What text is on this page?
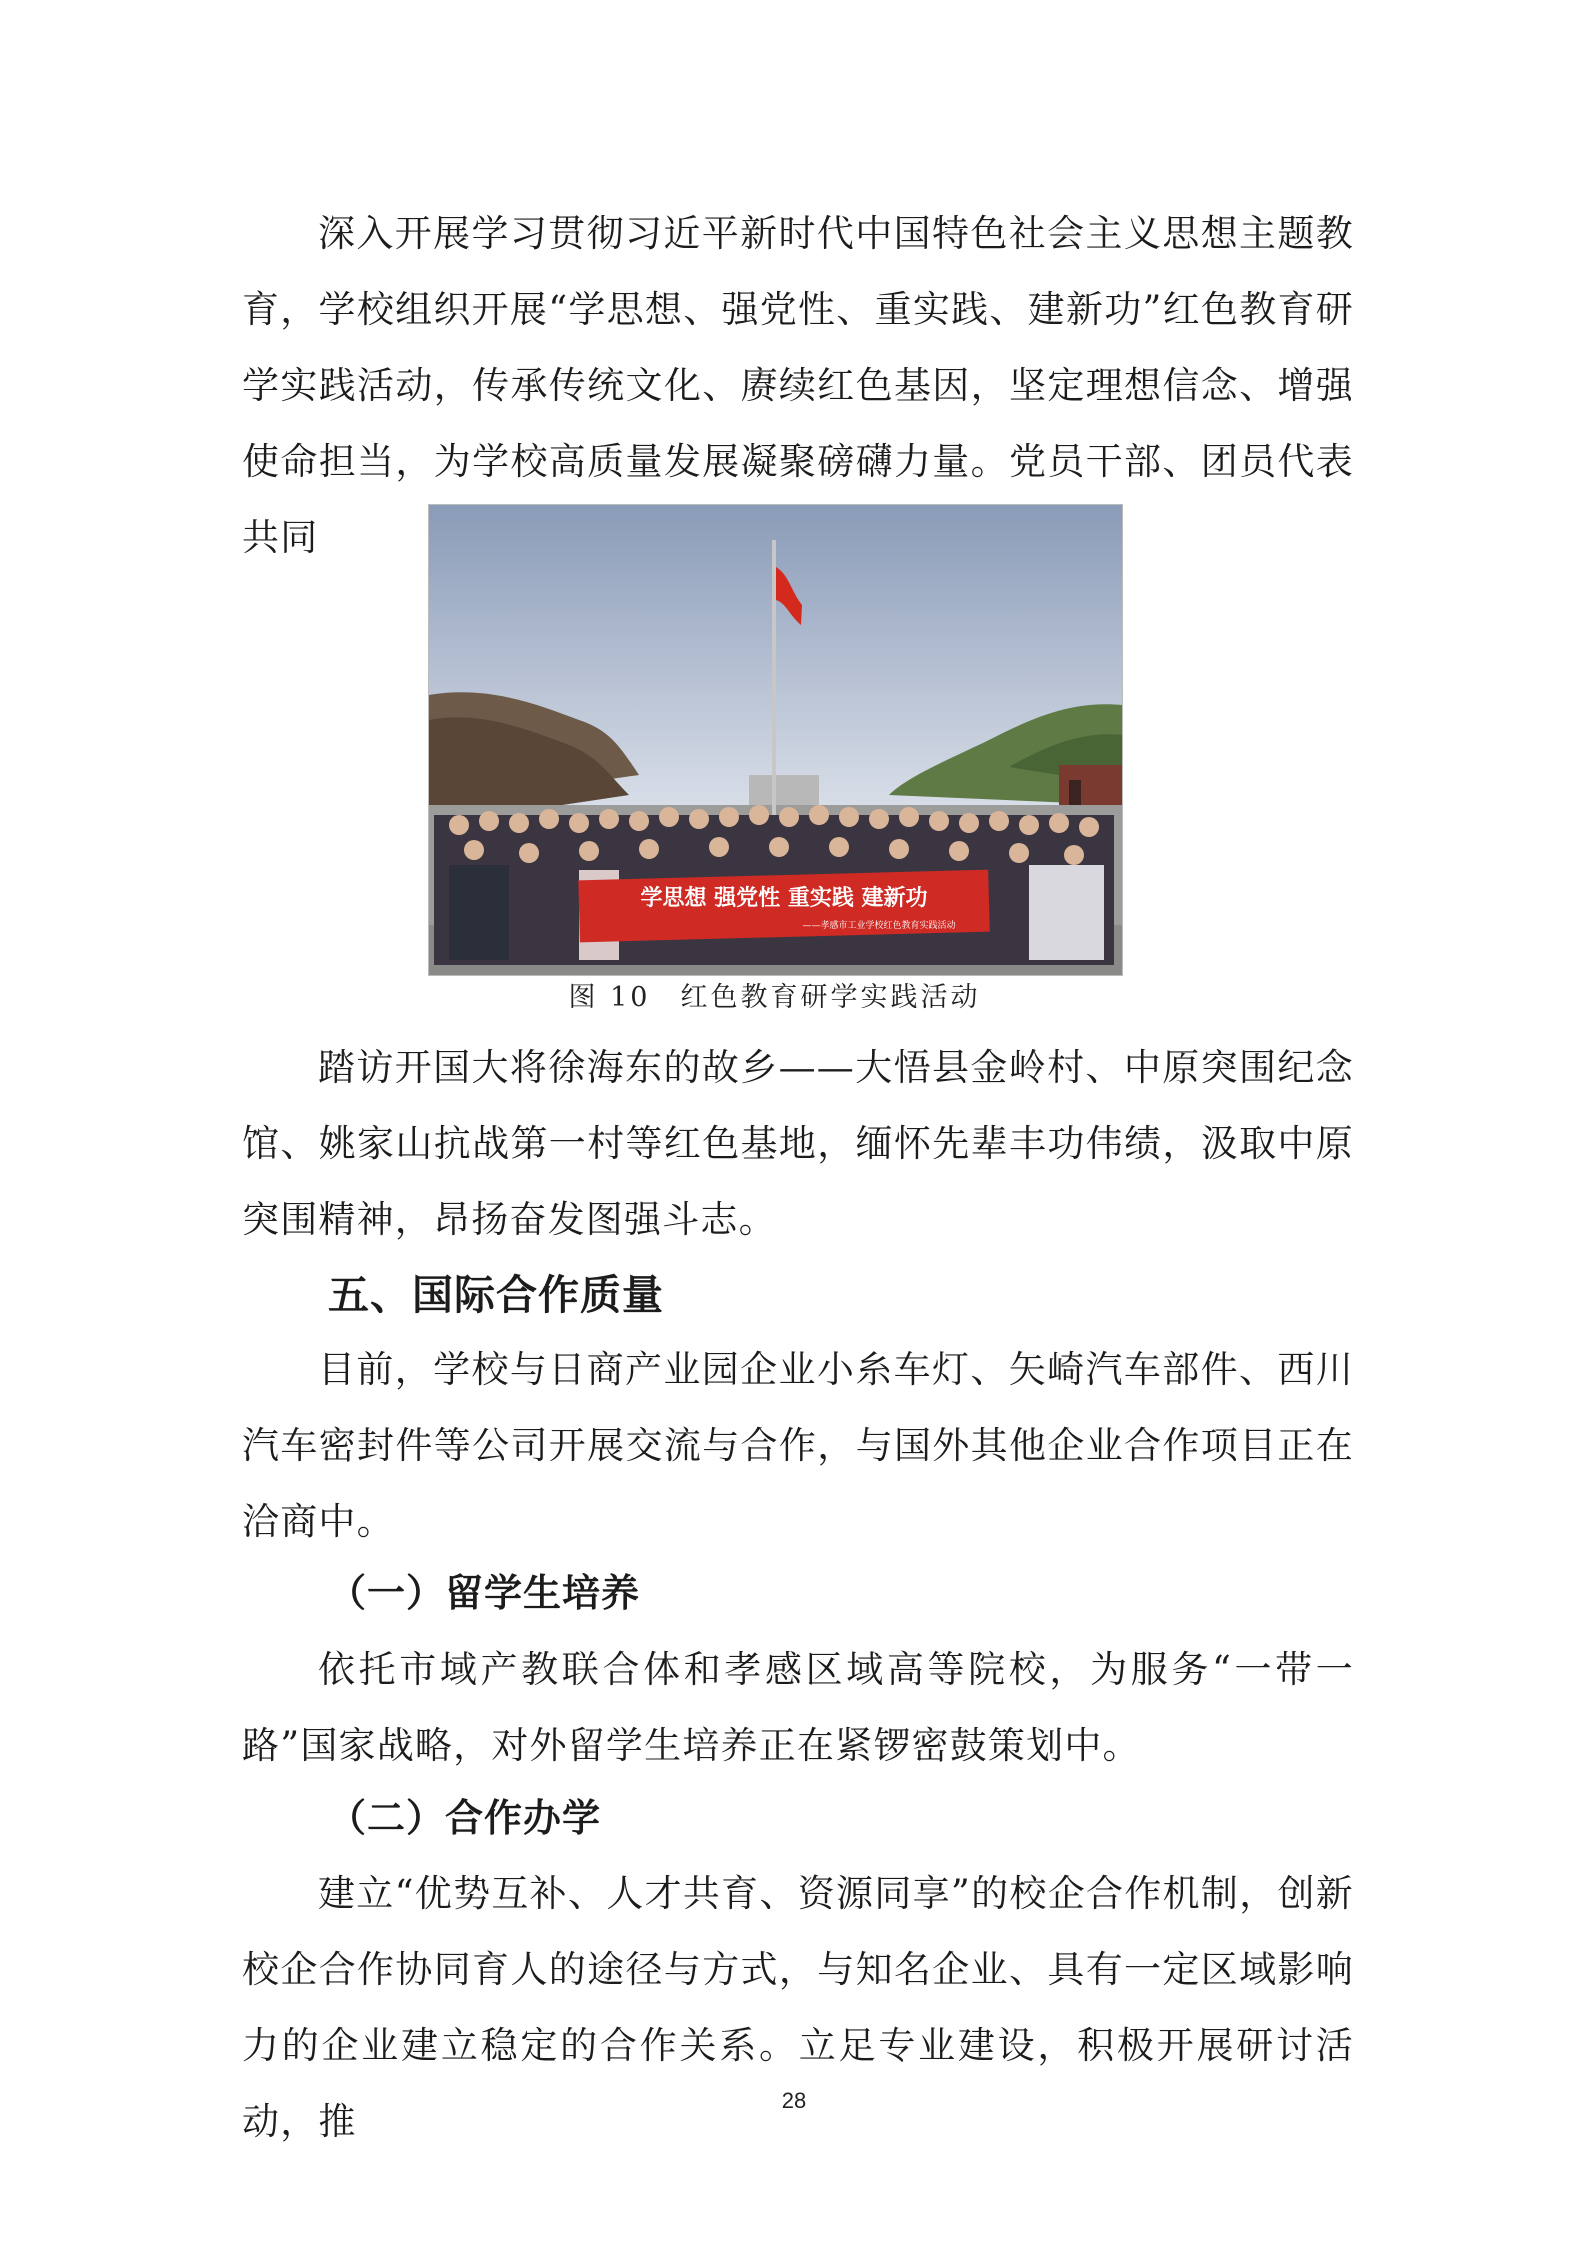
深入开展学习贯彻习近平新时代中国特色社会主义思想主题教育，学校组织开展“学思想、强党性、重实践、建新功”红色教育研学实践活动，传承传统文化、赓续红色基因，坚定理想信念、增强使命担当，为学校高质量发展凝聚磅礴力量。党员干部、团员代表共同

学思想 强党性 重实践 建新功
——孝感市工业学校红色教育实践活动
图 10　红色教育研学实践活动

踏访开国大将徐海东的故乡——大悟县金岭村、中原突围纪念馆、姚家山抗战第一村等红色基地，缅怀先辈丰功伟绩，汲取中原突围精神，昂扬奋发图强斗志。

五、国际合作质量

目前，学校与日商产业园企业小糸车灯、矢崎汽车部件、西川汽车密封件等公司开展交流与合作，与国外其他企业合作项目正在洽商中。

（一）留学生培养

依托市域产教联合体和孝感区域高等院校，为服务“一带一路”国家战略，对外留学生培养正在紧锣密鼓策划中。

（二）合作办学

建立“优势互补、人才共育、资源同享”的校企合作机制，创新校企合作协同育人的途径与方式，与知名企业、具有一定区域影响力的企业建立稳定的合作关系。立足专业建设，积极开展研讨活动，推	28
